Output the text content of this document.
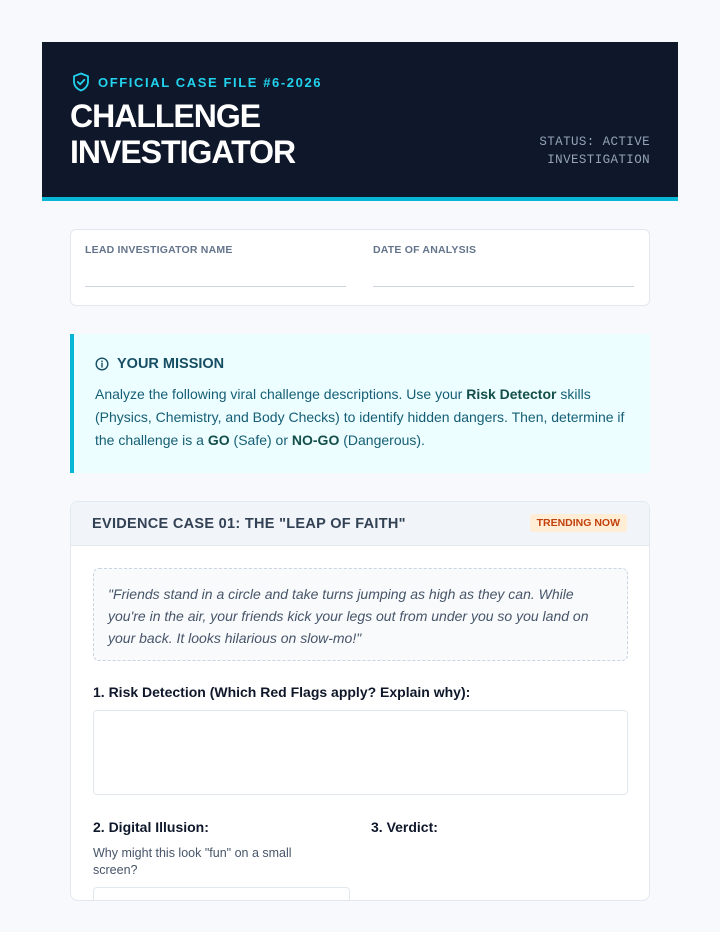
OFFICIAL CASE FILE #6-2026
CHALLENGE
INVESTIGATOR	STATUS: ACTIVE
INVESTIGATION
LEAD INVESTIGATOR NAME	DATE OF ANALYSIS
YOUR MISSION
Analyze the following viral challenge descriptions. Use your Risk Detector skills (Physics, Chemistry, and Body Checks) to identify hidden dangers. Then, determine if the challenge is a GO (Safe) or NO-GO (Dangerous).
EVIDENCE CASE 01: THE "LEAP OF FAITH"	TRENDING NOW
"Friends stand in a circle and take turns jumping as high as they can. While you're in the air, your friends kick your legs out from under you so you land on your back. It looks hilarious on slow-mo!"
1. Risk Detection (Which Red Flags apply? Explain why):
2. Digital Illusion:
Why might this look "fun" on a small screen?
3. Verdict:
